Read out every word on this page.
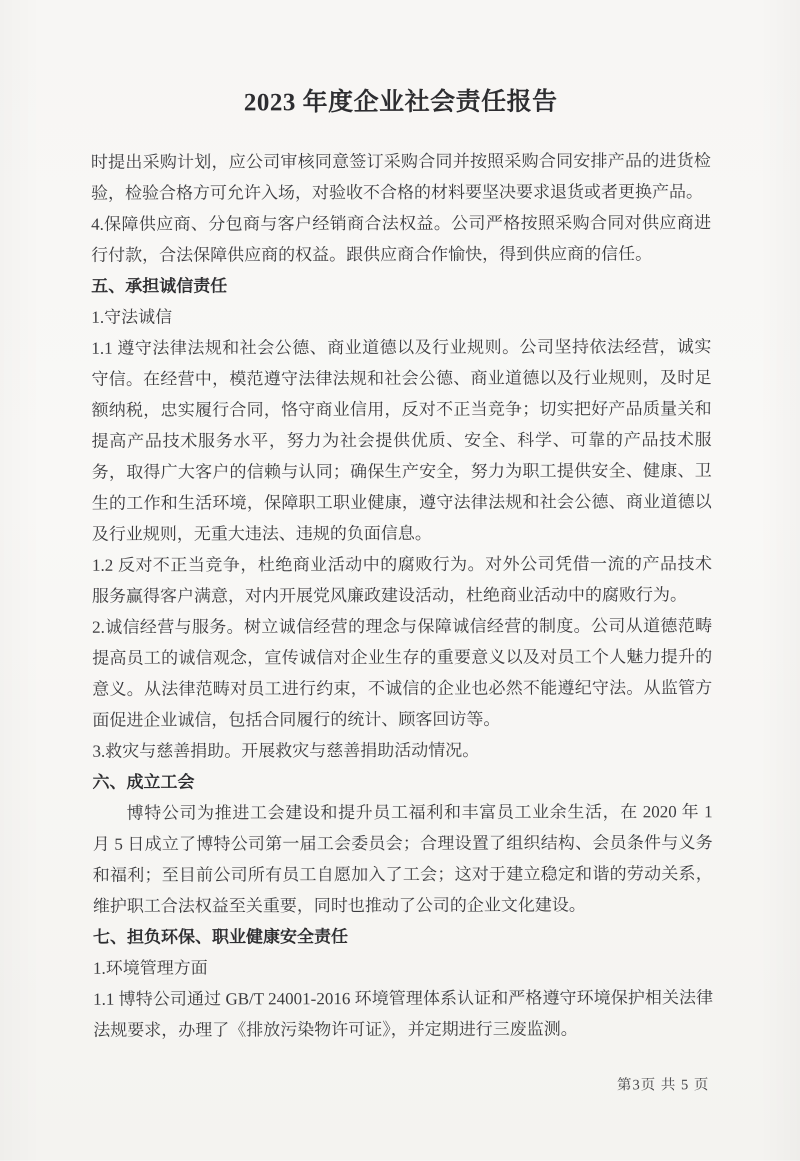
2023 年度企业社会责任报告

时提出采购计划，应公司审核同意签订采购合同并按照采购合同安排产品的进货检验，检验合格方可允许入场，对验收不合格的材料要坚决要求退货或者更换产品。

4.保障供应商、分包商与客户经销商合法权益。公司严格按照采购合同对供应商进行付款，合法保障供应商的权益。跟供应商合作愉快，得到供应商的信任。

五、承担诚信责任

1.守法诚信

1.1 遵守法律法规和社会公德、商业道德以及行业规则。公司坚持依法经营，诚实守信。在经营中，模范遵守法律法规和社会公德、商业道德以及行业规则，及时足额纳税，忠实履行合同，恪守商业信用，反对不正当竞争；切实把好产品质量关和提高产品技术服务水平，努力为社会提供优质、安全、科学、可靠的产品技术服务，取得广大客户的信赖与认同；确保生产安全，努力为职工提供安全、健康、卫生的工作和生活环境，保障职工职业健康，遵守法律法规和社会公德、商业道德以及行业规则，无重大违法、违规的负面信息。

1.2 反对不正当竞争，杜绝商业活动中的腐败行为。对外公司凭借一流的产品技术服务赢得客户满意，对内开展党风廉政建设活动，杜绝商业活动中的腐败行为。

2.诚信经营与服务。树立诚信经营的理念与保障诚信经营的制度。公司从道德范畴提高员工的诚信观念，宣传诚信对企业生存的重要意义以及对员工个人魅力提升的意义。从法律范畴对员工进行约束，不诚信的企业也必然不能遵纪守法。从监管方面促进企业诚信，包括合同履行的统计、顾客回访等。

3.救灾与慈善捐助。开展救灾与慈善捐助活动情况。

六、成立工会

博特公司为推进工会建设和提升员工福利和丰富员工业余生活，在 2020 年 1 月 5 日成立了博特公司第一届工会委员会；合理设置了组织结构、会员条件与义务和福利；至目前公司所有员工自愿加入了工会；这对于建立稳定和谐的劳动关系，维护职工合法权益至关重要，同时也推动了公司的企业文化建设。

七、担负环保、职业健康安全责任

1.环境管理方面

1.1 博特公司通过 GB/T 24001-2016 环境管理体系认证和严格遵守环境保护相关法律法规要求，办理了《排放污染物许可证》，并定期进行三废监测。

第3页 共 5 页
